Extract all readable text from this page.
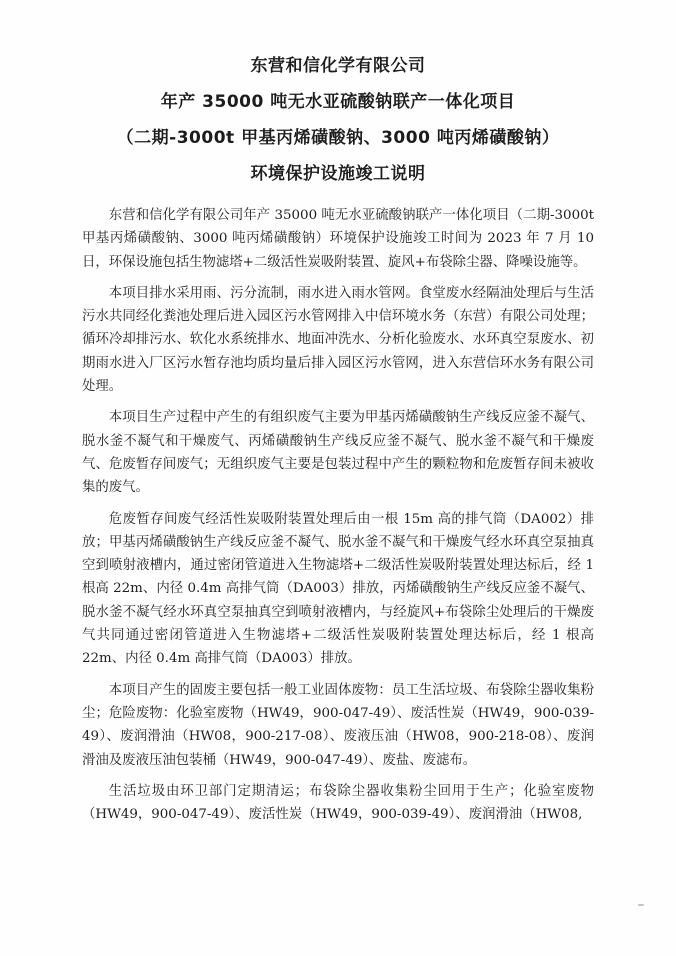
东营和信化学有限公司
年产 35000 吨无水亚硫酸钠联产一体化项目
（二期-3000t 甲基丙烯磺酸钠、3000 吨丙烯磺酸钠）
环境保护设施竣工说明

东营和信化学有限公司年产 35000 吨无水亚硫酸钠联产一体化项目（二期-3000t 甲基丙烯磺酸钠、3000 吨丙烯磺酸钠）环境保护设施竣工时间为 2023 年 7 月 10 日，环保设施包括生物滤塔+二级活性炭吸附装置、旋风+布袋除尘器、降噪设施等。

本项目排水采用雨、污分流制，雨水进入雨水管网。食堂废水经隔油处理后与生活污水共同经化粪池处理后进入园区污水管网排入中信环境水务（东营）有限公司处理；循环冷却排污水、软化水系统排水、地面冲洗水、分析化验废水、水环真空泵废水、初期雨水进入厂区污水暂存池均质均量后排入园区污水管网，进入东营信环水务有限公司处理。

本项目生产过程中产生的有组织废气主要为甲基丙烯磺酸钠生产线反应釜不凝气、脱水釜不凝气和干燥废气、丙烯磺酸钠生产线反应釜不凝气、脱水釜不凝气和干燥废气、危废暂存间废气；无组织废气主要是包装过程中产生的颗粒物和危废暂存间未被收集的废气。

危废暂存间废气经活性炭吸附装置处理后由一根 15m 高的排气筒（DA002）排放；甲基丙烯磺酸钠生产线反应釜不凝气、脱水釜不凝气和干燥废气经水环真空泵抽真空到喷射液槽内，通过密闭管道进入生物滤塔+二级活性炭吸附装置处理达标后，经 1 根高 22m、内径 0.4m 高排气筒（DA003）排放，丙烯磺酸钠生产线反应釜不凝气、脱水釜不凝气经水环真空泵抽真空到喷射液槽内，与经旋风+布袋除尘处理后的干燥废气共同通过密闭管道进入生物滤塔+二级活性炭吸附装置处理达标后，经 1 根高 22m、内径 0.4m 高排气筒（DA003）排放。

本项目产生的固废主要包括一般工业固体废物：员工生活垃圾、布袋除尘器收集粉尘；危险废物：化验室废物（HW49，900-047-49）、废活性炭（HW49，900-039-49）、废润滑油（HW08，900-217-08）、废液压油（HW08，900-218-08）、废润滑油及废液压油包装桶（HW49，900-047-49）、废盐、废滤布。

生活垃圾由环卫部门定期清运；布袋除尘器收集粉尘回用于生产；化验室废物（HW49，900-047-49）、废活性炭（HW49，900-039-49）、废润滑油（HW08,
